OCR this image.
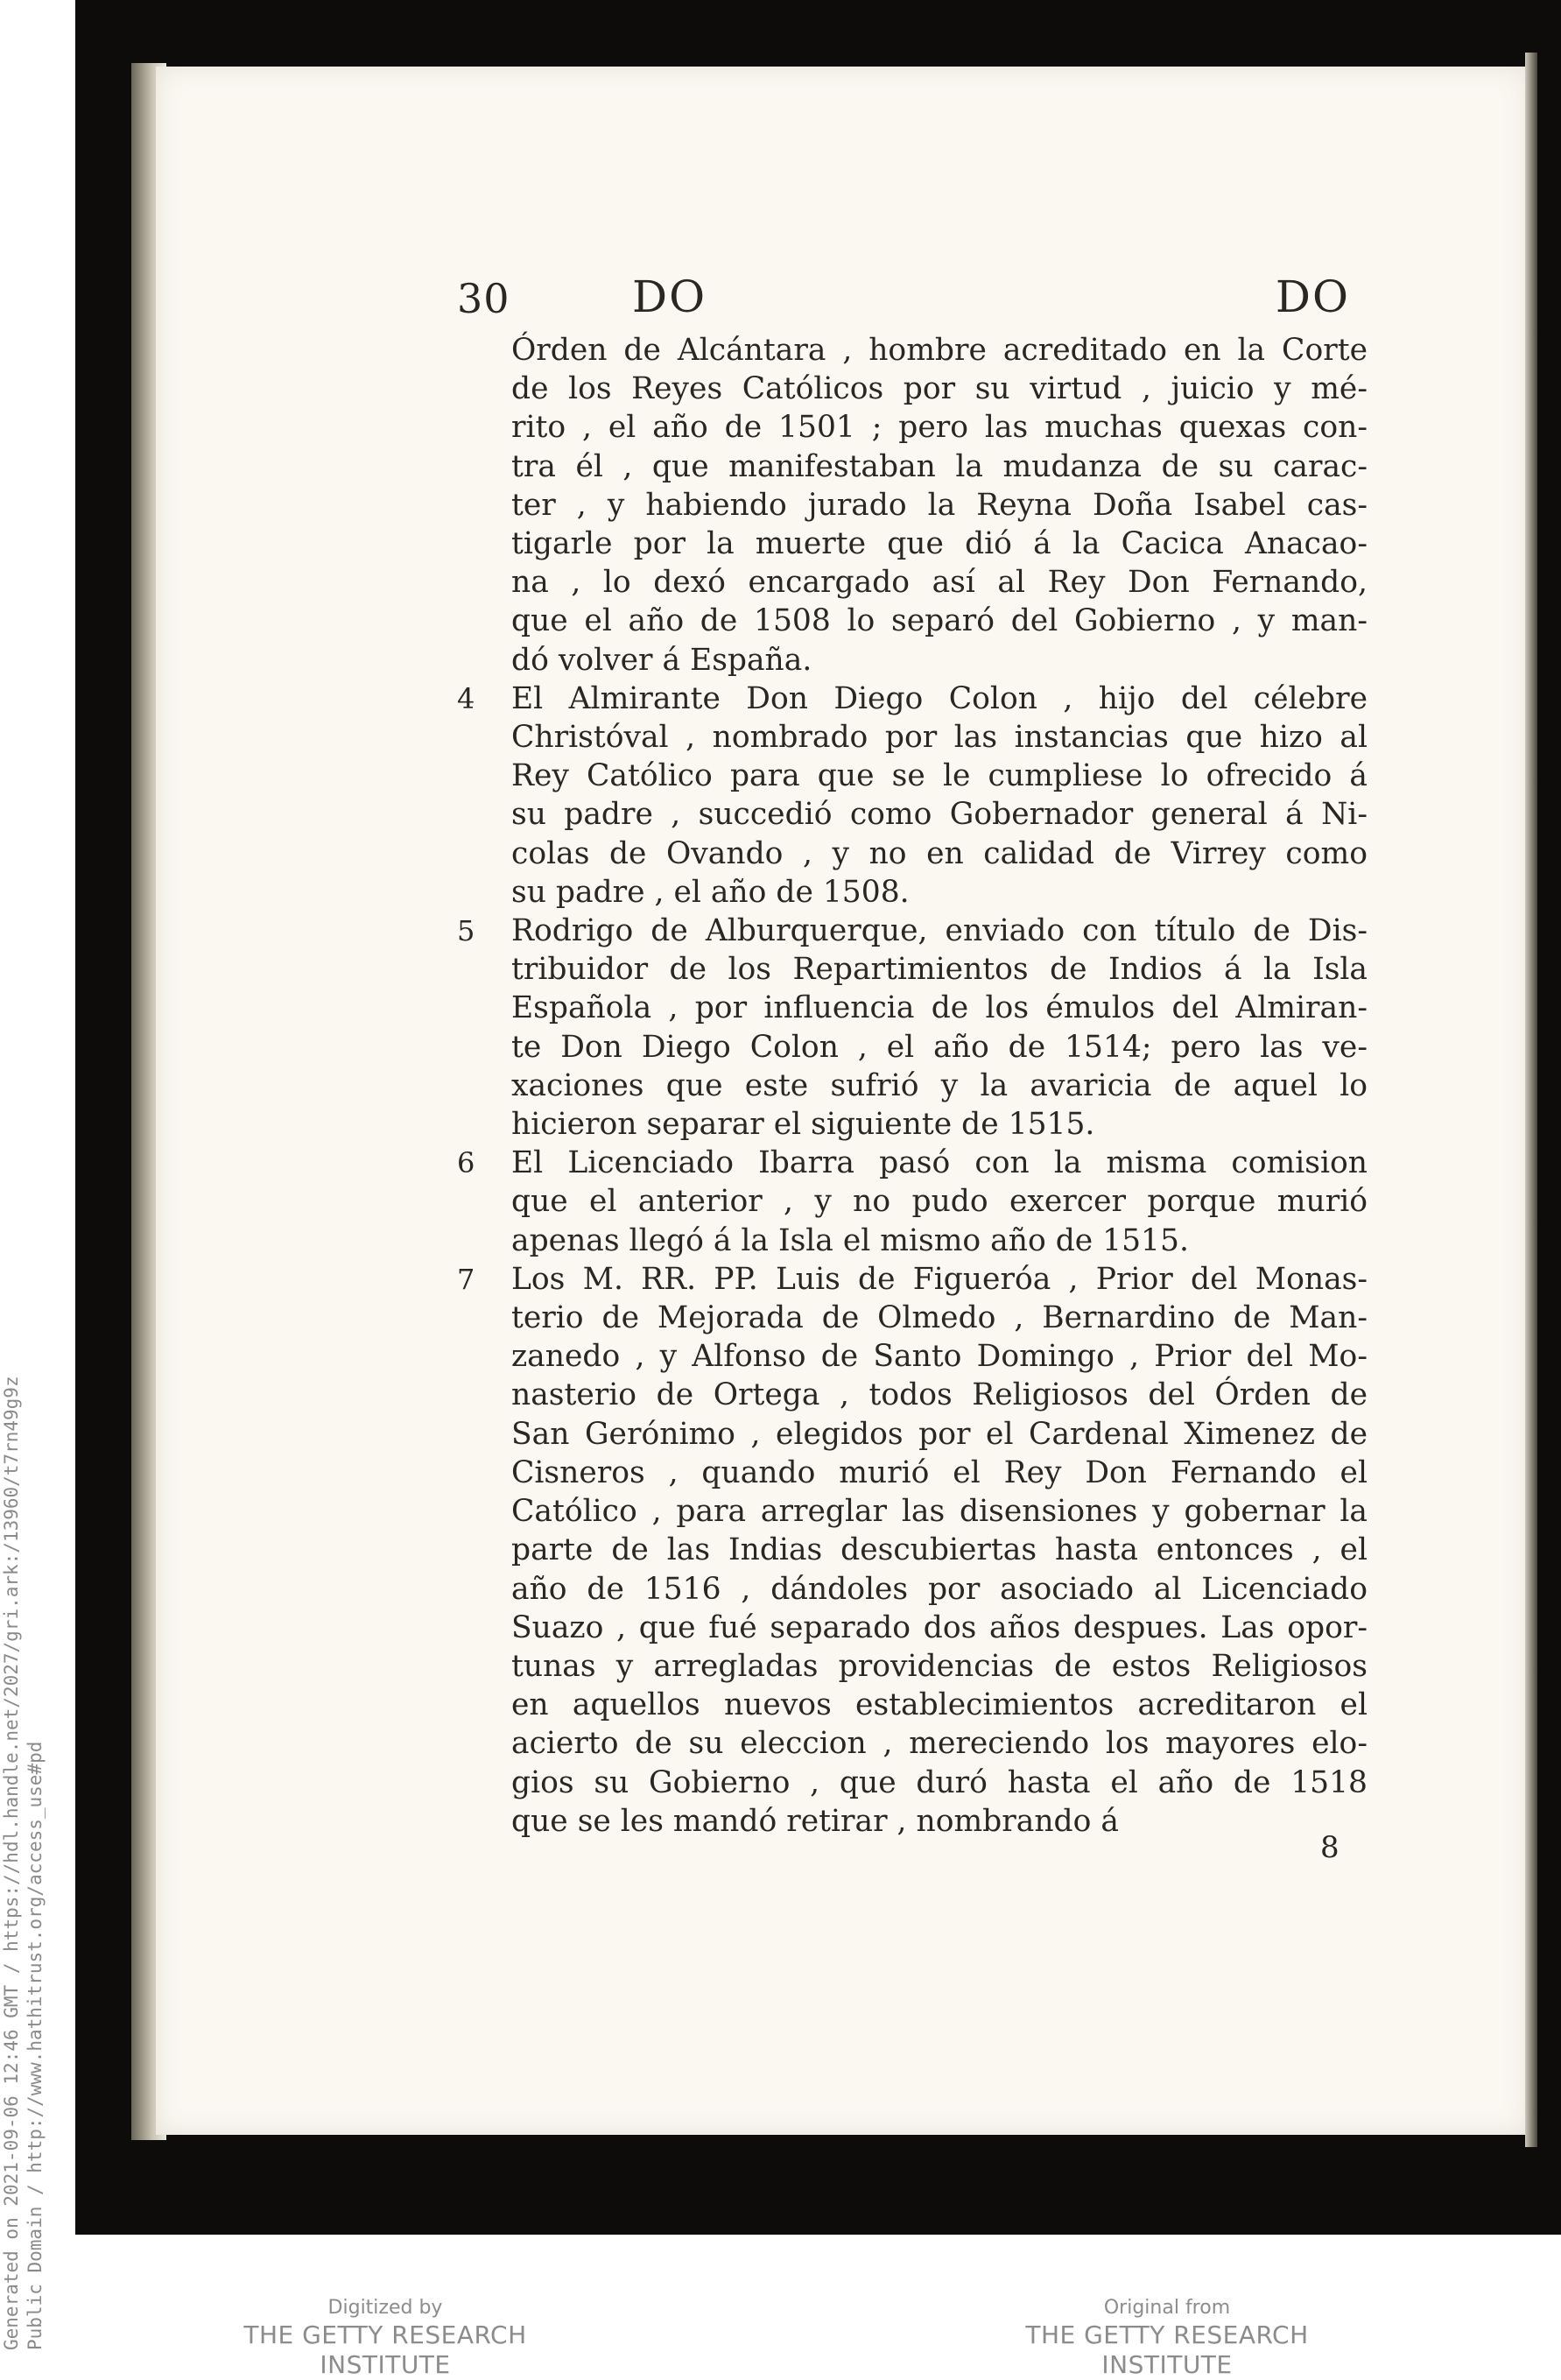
30	DO	DO
Órden de Alcántara , hombre acreditado en la Corte
de los Reyes Católicos por su virtud , juicio y mé-
rito , el año de 1501 ; pero las muchas quexas con-
tra él , que manifestaban la mudanza de su carac-
ter , y habiendo jurado la Reyna Doña Isabel cas-
tigarle por la muerte que dió á la Cacica Anacao-
na , lo dexó encargado así al Rey Don Fernando,
que el año de 1508 lo separó del Gobierno , y man-
dó volver á España.
4 El Almirante Don Diego Colon , hijo del célebre
Christóval , nombrado por las instancias que hizo al
Rey Católico para que se le cumpliese lo ofrecido á
su padre , succedió como Gobernador general á Ni-
colas de Ovando , y no en calidad de Virrey como
su padre , el año de 1508.
5 Rodrigo de Alburquerque, enviado con título de Dis-
tribuidor de los Repartimientos de Indios á la Isla
Española , por influencia de los émulos del Almiran-
te Don Diego Colon , el año de 1514; pero las ve-
xaciones que este sufrió y la avaricia de aquel lo
hicieron separar el siguiente de 1515.
6 El Licenciado Ibarra pasó con la misma comision
que el anterior , y no pudo exercer porque murió
apenas llegó á la Isla el mismo año de 1515.
7 Los M. RR. PP. Luis de Figueróa , Prior del Monas-
terio de Mejorada de Olmedo , Bernardino de Man-
zanedo , y Alfonso de Santo Domingo , Prior del Mo-
nasterio de Ortega , todos Religiosos del Órden de
San Gerónimo , elegidos por el Cardenal Ximenez de
Cisneros , quando murió el Rey Don Fernando el
Católico , para arreglar las disensiones y gobernar la
parte de las Indias descubiertas hasta entonces , el
año de 1516 , dándoles por asociado al Licenciado
Suazo , que fué separado dos años despues. Las opor-
tunas y arregladas providencias de estos Religiosos
en aquellos nuevos establecimientos acreditaron el
acierto de su eleccion , mereciendo los mayores elo-
gios su Gobierno , que duró hasta el año de 1518
que se les mandó retirar , nombrando á
8
Generated on 2021-09-06 12:46 GMT / https://hdl.handle.net/2027/gri.ark:/13960/t7rn49g9z Public Domain / http://www.hathitrust.org/access_use#pd	Digitized by
THE GETTY RESEARCH INSTITUTE
Original from
THE GETTY RESEARCH INSTITUTE
